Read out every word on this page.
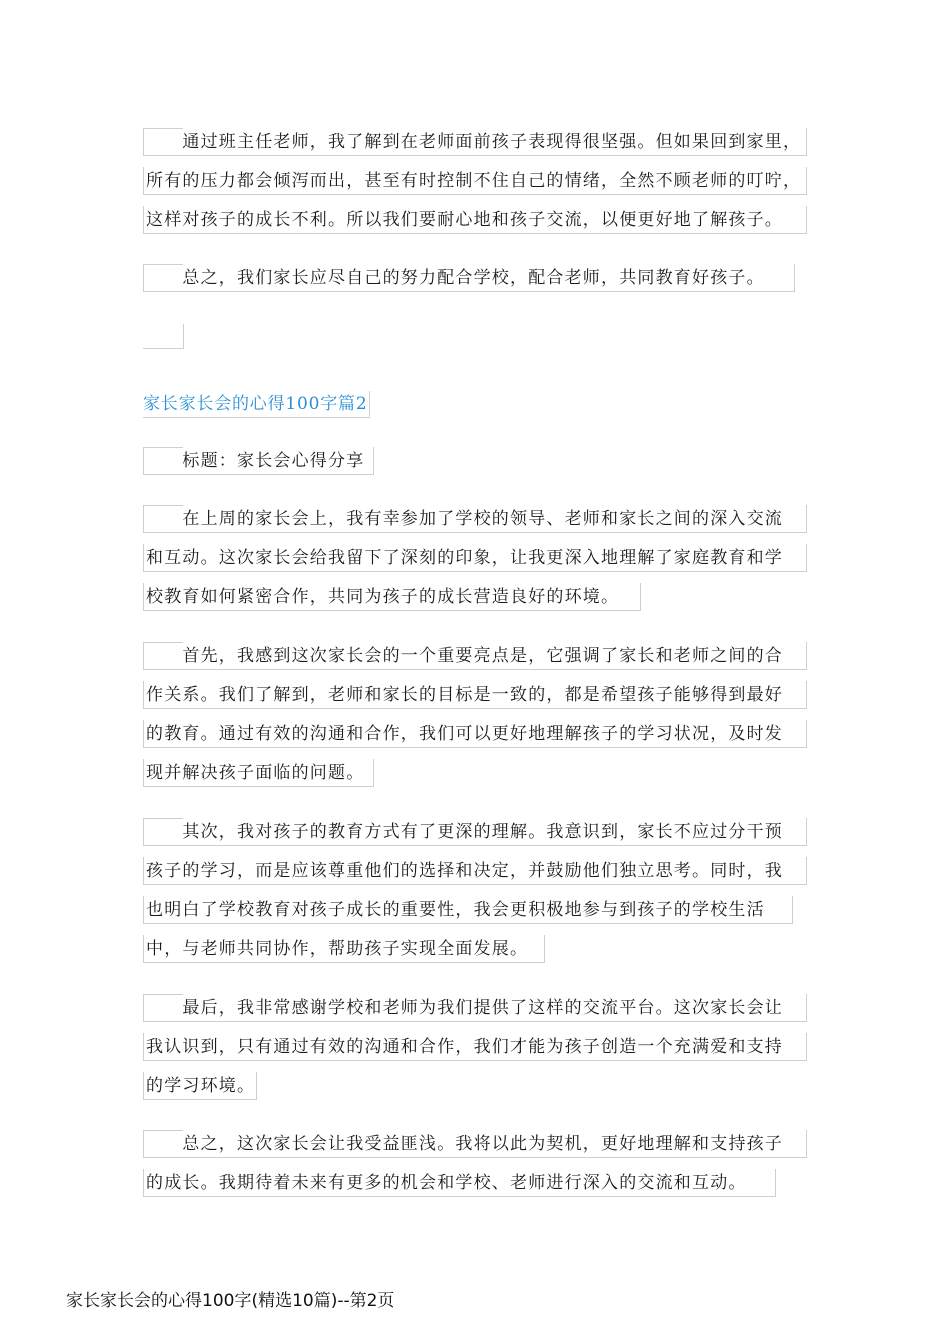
　　通过班主任老师，我了解到在老师面前孩子表现得很坚强。但如果回到家里，
所有的压力都会倾泻而出，甚至有时控制不住自己的情绪，全然不顾老师的叮咛，
这样对孩子的成长不利。所以我们要耐心地和孩子交流，以便更好地了解孩子。
　　总之，我们家长应尽自己的努力配合学校，配合老师，共同教育好孩子。
家长家长会的心得100字篇2
　　标题：家长会心得分享
　　在上周的家长会上，我有幸参加了学校的领导、老师和家长之间的深入交流
和互动。这次家长会给我留下了深刻的印象，让我更深入地理解了家庭教育和学
校教育如何紧密合作，共同为孩子的成长营造良好的环境。
　　首先，我感到这次家长会的一个重要亮点是，它强调了家长和老师之间的合
作关系。我们了解到，老师和家长的目标是一致的，都是希望孩子能够得到最好
的教育。通过有效的沟通和合作，我们可以更好地理解孩子的学习状况，及时发
现并解决孩子面临的问题。
　　其次，我对孩子的教育方式有了更深的理解。我意识到，家长不应过分干预
孩子的学习，而是应该尊重他们的选择和决定，并鼓励他们独立思考。同时，我
也明白了学校教育对孩子成长的重要性，我会更积极地参与到孩子的学校生活
中，与老师共同协作，帮助孩子实现全面发展。
　　最后，我非常感谢学校和老师为我们提供了这样的交流平台。这次家长会让
我认识到，只有通过有效的沟通和合作，我们才能为孩子创造一个充满爱和支持
的学习环境。
　　总之，这次家长会让我受益匪浅。我将以此为契机，更好地理解和支持孩子
的成长。我期待着未来有更多的机会和学校、老师进行深入的交流和互动。
家长家长会的心得100字(精选10篇)--第2页
